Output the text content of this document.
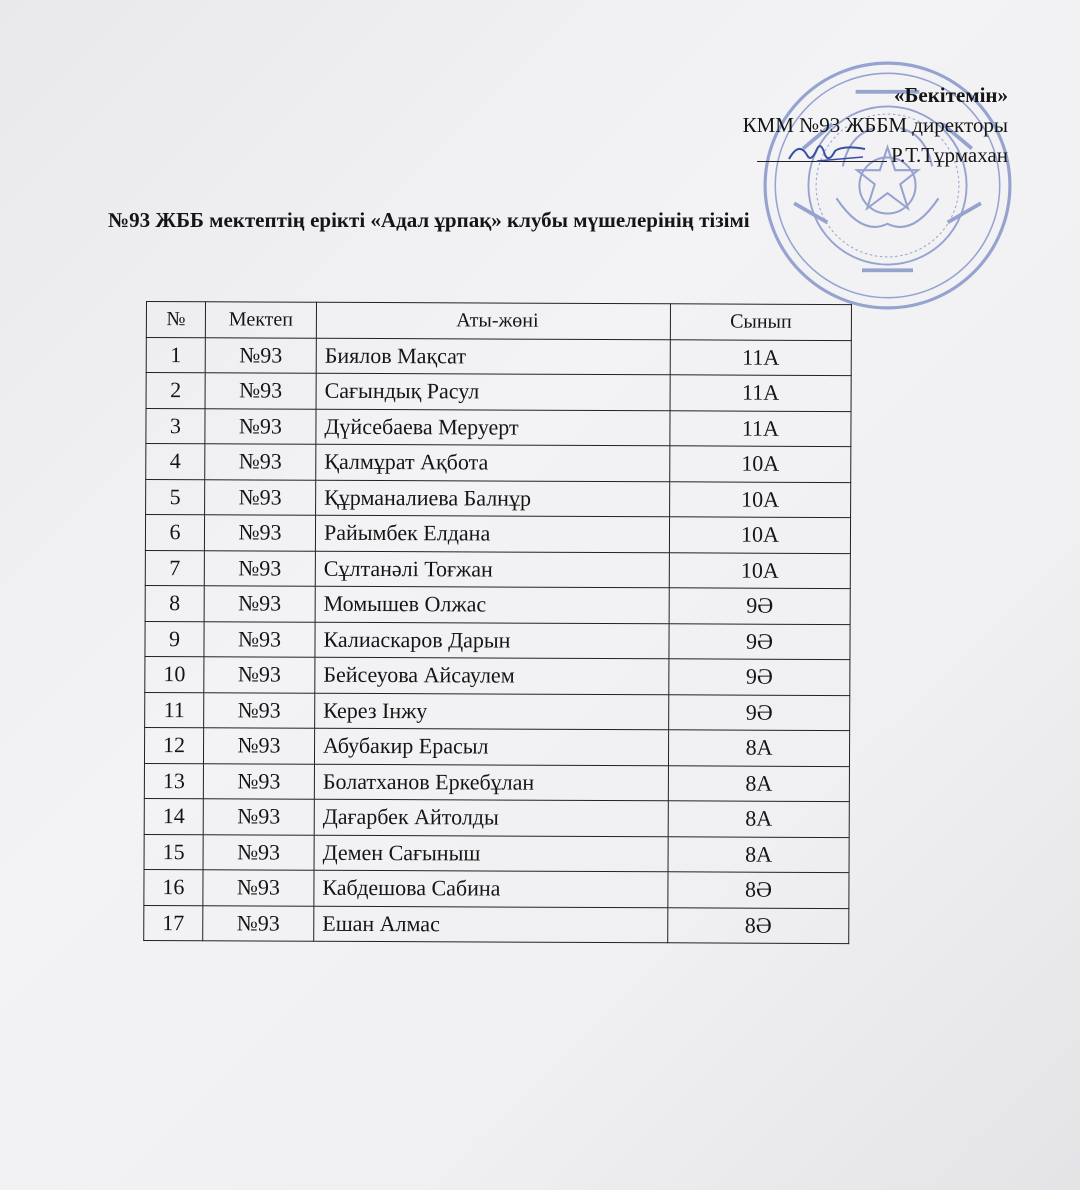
«Бекітемін»
КММ №93 ЖББМ директоры
Р.Т.Тұрмахан
№93 ЖББ мектептің ерікті «Адал ұрпақ» клубы мүшелерінің тізімі
№	Мектеп	Аты-жөні	Сынып
1	№93	Биялов Мақсат	11А
2	№93	Сағындық Расул	11А
3	№93	Дүйсебаева Меруерт	11А
4	№93	Қалмұрат Ақбота	10А
5	№93	Құрманалиева Балнұр	10А
6	№93	Райымбек Елдана	10А
7	№93	Сұлтанәлі Тоғжан	10А
8	№93	Момышев Олжас	9Ә
9	№93	Калиаскаров Дарын	9Ә
10	№93	Бейсеуова Айсаулем	9Ә
11	№93	Керез Інжу	9Ә
12	№93	Абубакир Ерасыл	8А
13	№93	Болатханов Еркебұлан	8А
14	№93	Дағарбек Айтолды	8А
15	№93	Демен Сағыныш	8А
16	№93	Кабдешова Сабина	8Ә
17	№93	Ешан Алмас	8Ә
